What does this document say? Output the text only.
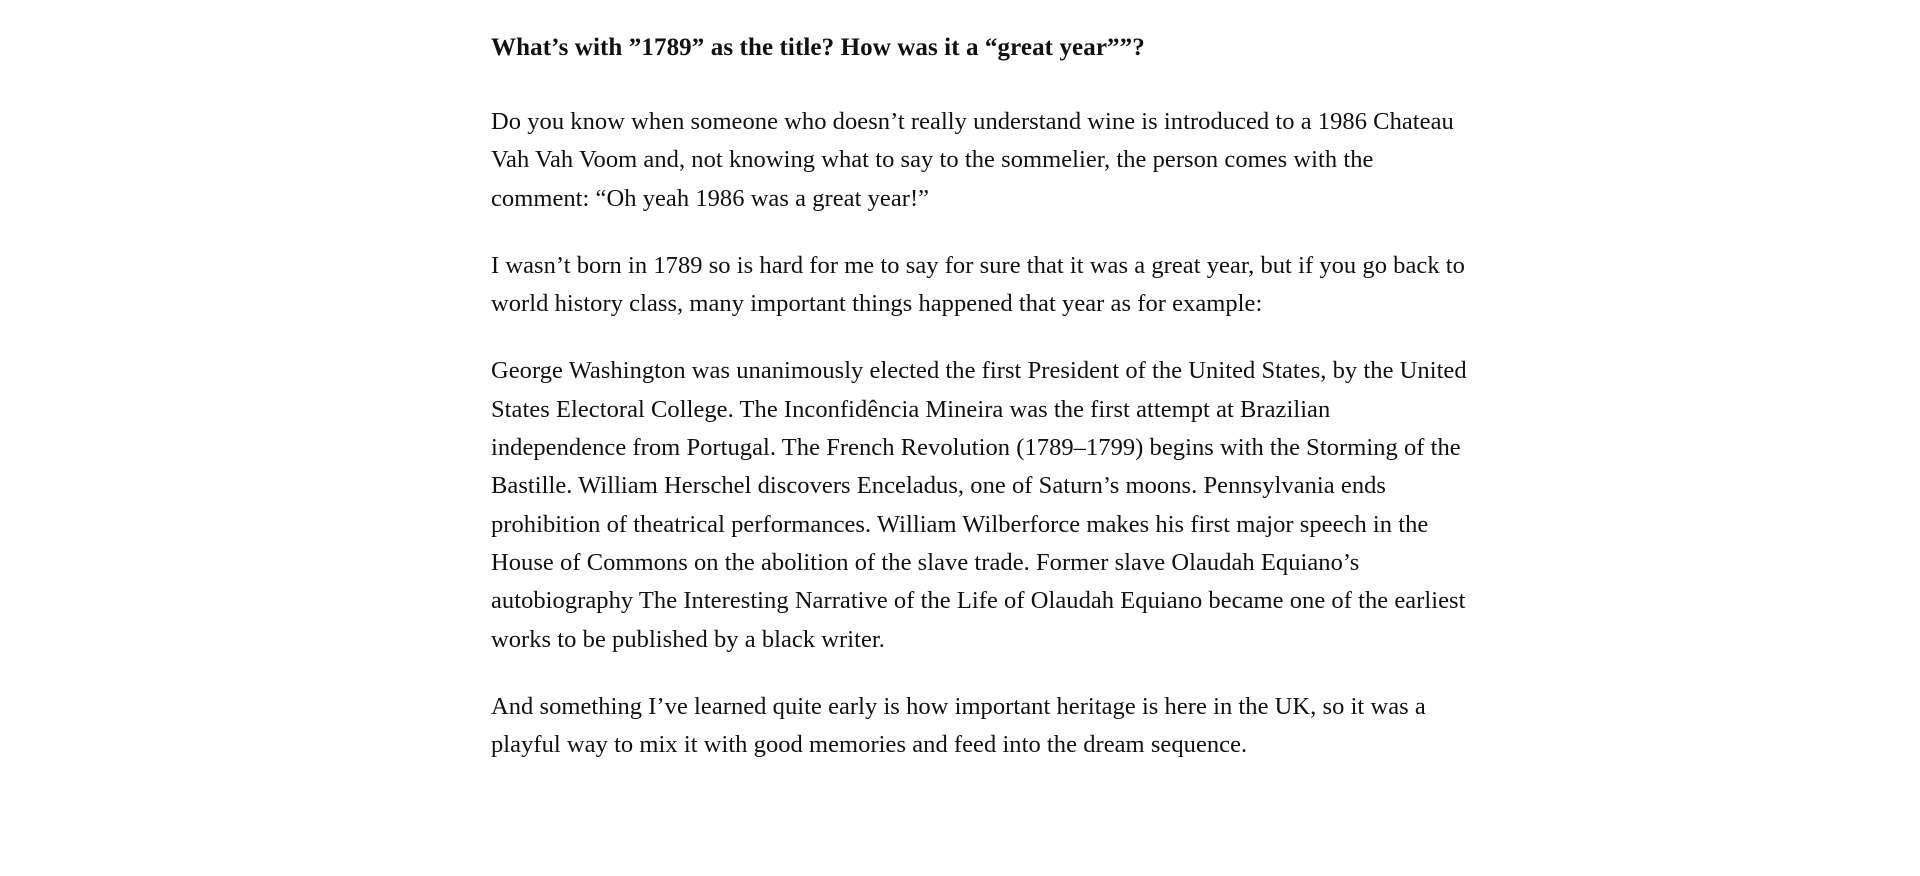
What’s with ”1789” as the title? How was it a “great year””?

Do you know when someone who doesn’t really understand wine is introduced to a 1986 Chateau Vah Vah Voom and, not knowing what to say to the sommelier, the person comes with the comment: “Oh yeah 1986 was a great year!”

I wasn’t born in 1789 so is hard for me to say for sure that it was a great year, but if you go back to world history class, many important things happened that year as for example:

George Washington was unanimously elected the first President of the United States, by the United States Electoral College. The Inconfidência Mineira was the first attempt at Brazilian independence from Portugal. The French Revolution (1789–1799) begins with the Storming of the Bastille. William Herschel discovers Enceladus, one of Saturn’s moons. Pennsylvania ends prohibition of theatrical performances. William Wilberforce makes his first major speech in the House of Commons on the abolition of the slave trade. Former slave Olaudah Equiano’s autobiography The Interesting Narrative of the Life of Olaudah Equiano became one of the earliest works to be published by a black writer.

And something I’ve learned quite early is how important heritage is here in the UK, so it was a playful way to mix it with good memories and feed into the dream sequence.
